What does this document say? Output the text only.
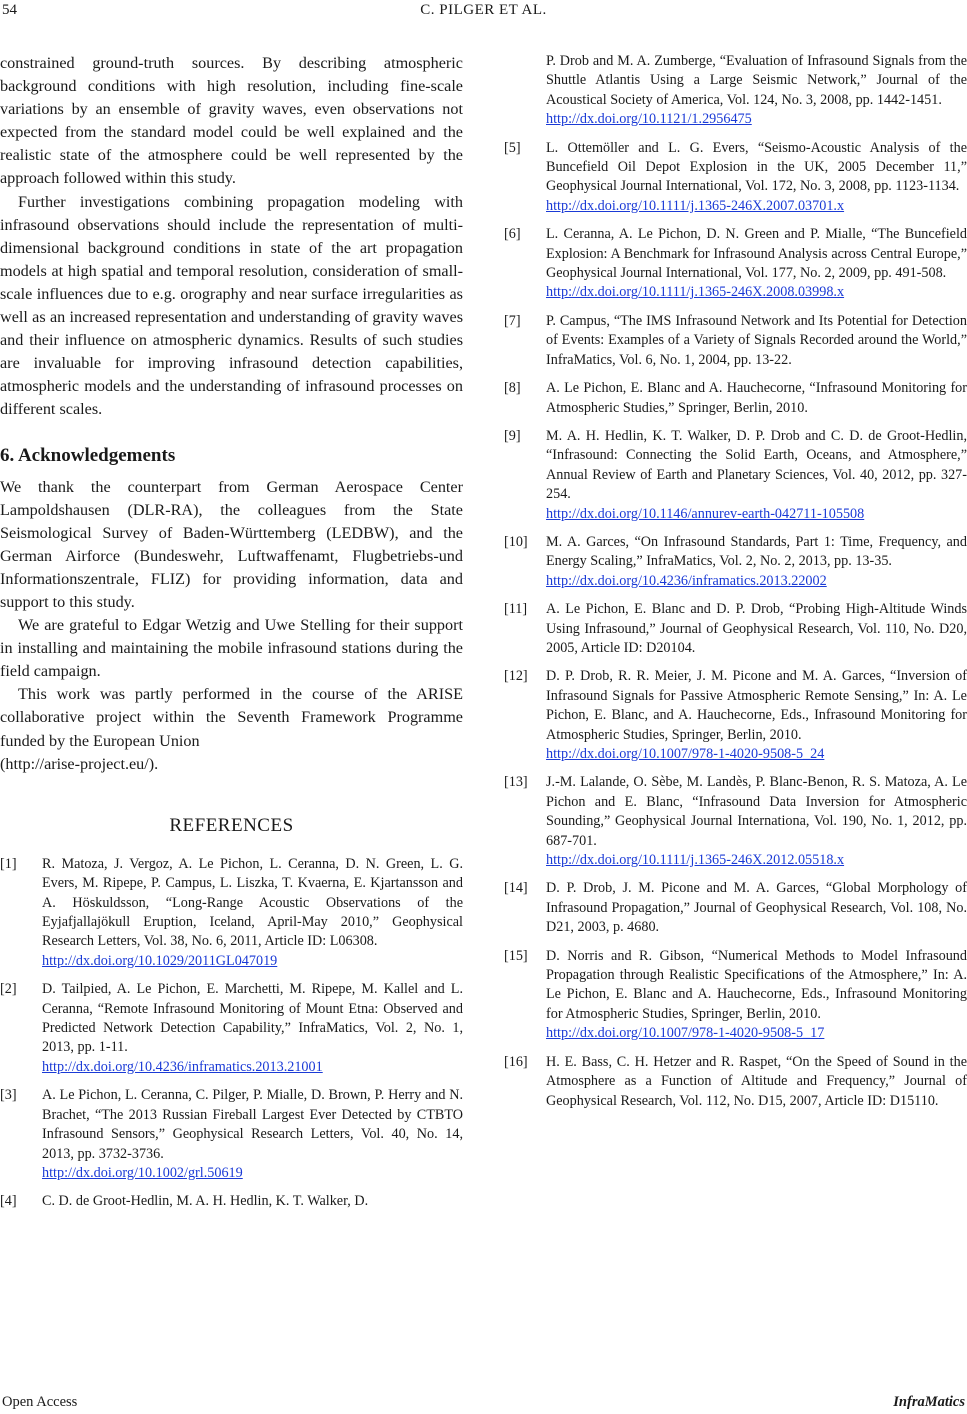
C. PILGER ET AL.
54

constrained ground-truth sources. By describing atmospheric background conditions with high resolution, including fine-scale variations by an ensemble of gravity waves, even observations not expected from the standard model could be well explained and the realistic state of the atmosphere could be well represented by the approach followed within this study.

Further investigations combining propagation modeling with infrasound observations should include the representation of multi-dimensional background conditions in state of the art propagation models at high spatial and temporal resolution, consideration of small-scale influences due to e.g. orography and near surface irregularities as well as an increased representation and understanding of gravity waves and their influence on atmospheric dynamics. Results of such studies are invaluable for improving infrasound detection capabilities, atmospheric models and the understanding of infrasound processes on different scales.

6. Acknowledgements

We thank the counterpart from German Aerospace Center Lampoldshausen (DLR-RA), the colleagues from the State Seismological Survey of Baden-Württemberg (LEDBW), and the German Airforce (Bundeswehr, Luftwaffenamt, Flugbetriebs-und Informationszentrale, FLIZ) for providing information, data and support to this study.

We are grateful to Edgar Wetzig and Uwe Stelling for their support in installing and maintaining the mobile infrasound stations during the field campaign.

This work was partly performed in the course of the ARISE collaborative project within the Seventh Framework Programme funded by the European Union

(http://arise-project.eu/).

REFERENCES
[1]	R. Matoza, J. Vergoz, A. Le Pichon, L. Ceranna, D. N. Green, L. G. Evers, M. Ripepe, P. Campus, L. Liszka, T. Kvaerna, E. Kjartansson and A. Höskuldsson, “Long-Range Acoustic Observations of the Eyjafjallajökull Eruption, Iceland, April-May 2010,” Geophysical Research Letters, Vol. 38, No. 6, 2011, Article ID: L06308.
http://dx.doi.org/10.1029/2011GL047019
[2]	D. Tailpied, A. Le Pichon, E. Marchetti, M. Ripepe, M. Kallel and L. Ceranna, “Remote Infrasound Monitoring of Mount Etna: Observed and Predicted Network Detection Capability,” InfraMatics, Vol. 2, No. 1, 2013, pp. 1-11.
http://dx.doi.org/10.4236/inframatics.2013.21001
[3]	A. Le Pichon, L. Ceranna, C. Pilger, P. Mialle, D. Brown, P. Herry and N. Brachet, “The 2013 Russian Fireball Largest Ever Detected by CTBTO Infrasound Sensors,” Geophysical Research Letters, Vol. 40, No. 14, 2013, pp. 3732-3736.
http://dx.doi.org/10.1002/grl.50619
[4]	C. D. de Groot-Hedlin, M. A. H. Hedlin, K. T. Walker, D.
P. Drob and M. A. Zumberge, “Evaluation of Infrasound Signals from the Shuttle Atlantis Using a Large Seismic Network,” Journal of the Acoustical Society of America, Vol. 124, No. 3, 2008, pp. 1442-1451.
http://dx.doi.org/10.1121/1.2956475
[5]	L. Ottemöller and L. G. Evers, “Seismo-Acoustic Analysis of the Buncefield Oil Depot Explosion in the UK, 2005 December 11,” Geophysical Journal International, Vol. 172, No. 3, 2008, pp. 1123-1134.
http://dx.doi.org/10.1111/j.1365-246X.2007.03701.x
[6]	L. Ceranna, A. Le Pichon, D. N. Green and P. Mialle, “The Buncefield Explosion: A Benchmark for Infrasound Analysis across Central Europe,” Geophysical Journal International, Vol. 177, No. 2, 2009, pp. 491-508.
http://dx.doi.org/10.1111/j.1365-246X.2008.03998.x
[7]	P. Campus, “The IMS Infrasound Network and Its Potential for Detection of Events: Examples of a Variety of Signals Recorded around the World,” InfraMatics, Vol. 6, No. 1, 2004, pp. 13-22.
[8]	A. Le Pichon, E. Blanc and A. Hauchecorne, “Infrasound Monitoring for Atmospheric Studies,” Springer, Berlin, 2010.
[9]	M. A. H. Hedlin, K. T. Walker, D. P. Drob and C. D. de Groot-Hedlin, “Infrasound: Connecting the Solid Earth, Oceans, and Atmosphere,” Annual Review of Earth and Planetary Sciences, Vol. 40, 2012, pp. 327-254.
http://dx.doi.org/10.1146/annurev-earth-042711-105508
[10]	M. A. Garces, “On Infrasound Standards, Part 1: Time, Frequency, and Energy Scaling,” InfraMatics, Vol. 2, No. 2, 2013, pp. 13-35.
http://dx.doi.org/10.4236/inframatics.2013.22002
[11]	A. Le Pichon, E. Blanc and D. P. Drob, “Probing High-Altitude Winds Using Infrasound,” Journal of Geophysical Research, Vol. 110, No. D20, 2005, Article ID: D20104.
[12]	D. P. Drob, R. R. Meier, J. M. Picone and M. A. Garces, “Inversion of Infrasound Signals for Passive Atmospheric Remote Sensing,” In: A. Le Pichon, E. Blanc, and A. Hauchecorne, Eds., Infrasound Monitoring for Atmospheric Studies, Springer, Berlin, 2010.
http://dx.doi.org/10.1007/978-1-4020-9508-5_24
[13]	J.-M. Lalande, O. Sèbe, M. Landès, P. Blanc-Benon, R. S. Matoza, A. Le Pichon and E. Blanc, “Infrasound Data Inversion for Atmospheric Sounding,” Geophysical Journal Internationa, Vol. 190, No. 1, 2012, pp. 687-701.
http://dx.doi.org/10.1111/j.1365-246X.2012.05518.x
[14]	D. P. Drob, J. M. Picone and M. A. Garces, “Global Morphology of Infrasound Propagation,” Journal of Geophysical Research, Vol. 108, No. D21, 2003, p. 4680.
[15]	D. Norris and R. Gibson, “Numerical Methods to Model Infrasound Propagation through Realistic Specifications of the Atmosphere,” In: A. Le Pichon, E. Blanc and A. Hauchecorne, Eds., Infrasound Monitoring for Atmospheric Studies, Springer, Berlin, 2010.
http://dx.doi.org/10.1007/978-1-4020-9508-5_17
[16]	H. E. Bass, C. H. Hetzer and R. Raspet, “On the Speed of Sound in the Atmosphere as a Function of Altitude and Frequency,” Journal of Geophysical Research, Vol. 112, No. D15, 2007, Article ID: D15110.
Open Access	InfraMatics
